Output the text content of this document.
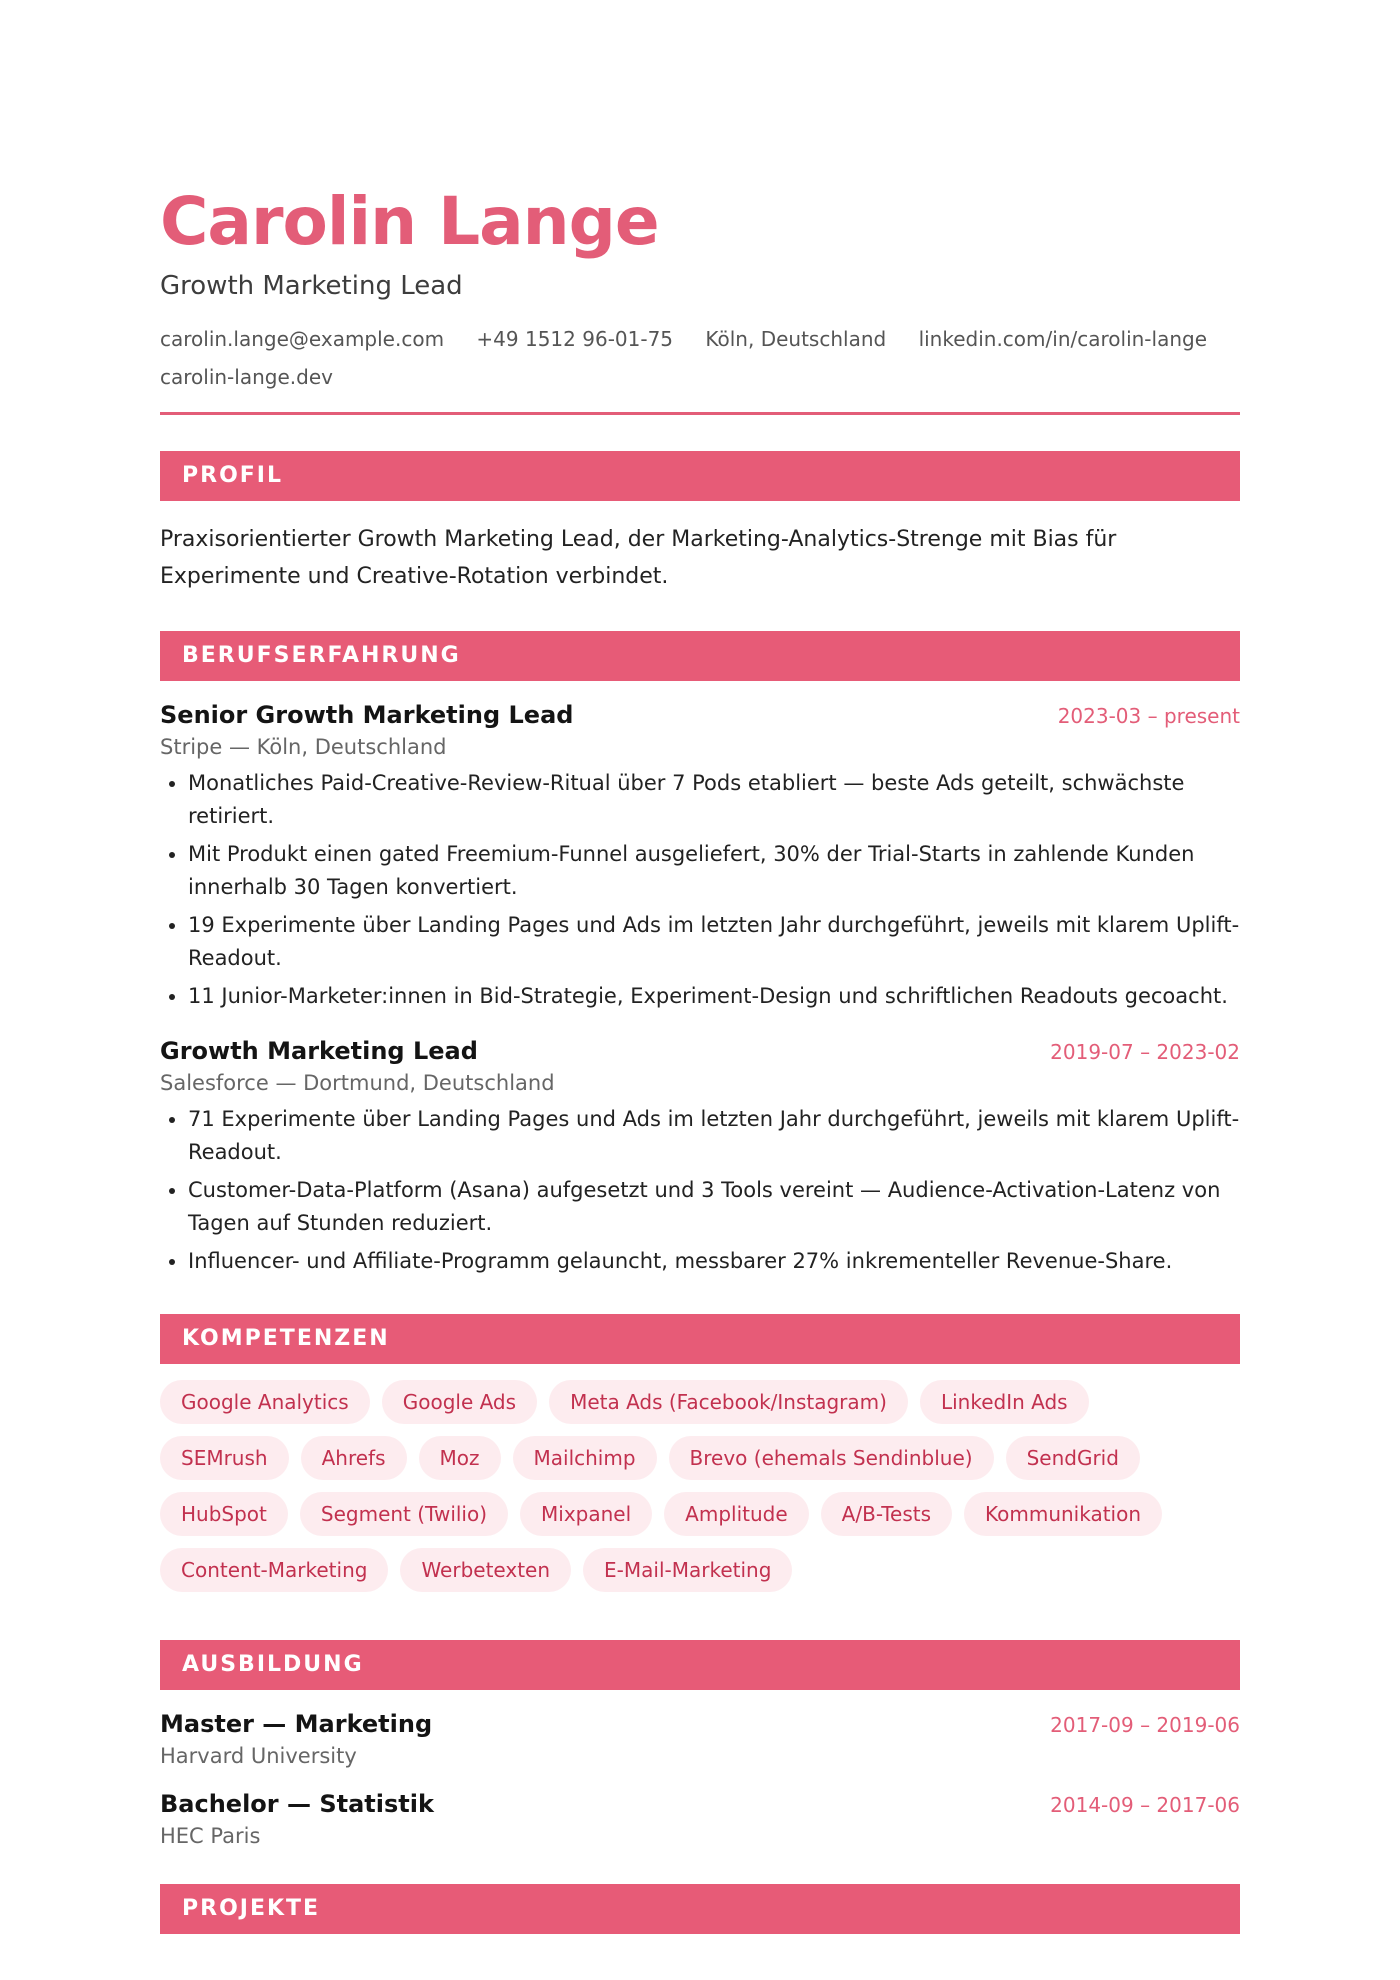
Carolin Lange
Growth Marketing Lead
carolin.lange@example.com +49 1512 96-01-75 Köln, Deutschland linkedin.com/in/carolin-lange carolin-lange.dev
PROFIL
Praxisorientierter Growth Marketing Lead, der Marketing-Analytics-Strenge mit Bias für Experimente und Creative-Rotation verbindet.
BERUFSERFAHRUNG
Senior Growth Marketing Lead	2023-03 – present
Stripe — Köln, Deutschland
• Monatliches Paid-Creative-Review-Ritual über 7 Pods etabliert — beste Ads geteilt, schwächste retiriert.
• Mit Produkt einen gated Freemium-Funnel ausgeliefert, 30% der Trial-Starts in zahlende Kunden innerhalb 30 Tagen konvertiert.
• 19 Experimente über Landing Pages und Ads im letzten Jahr durchgeführt, jeweils mit klarem Uplift-Readout.
• 11 Junior-Marketer:innen in Bid-Strategie, Experiment-Design und schriftlichen Readouts gecoacht.
Growth Marketing Lead	2019-07 – 2023-02
Salesforce — Dortmund, Deutschland
• 71 Experimente über Landing Pages und Ads im letzten Jahr durchgeführt, jeweils mit klarem Uplift-Readout.
• Customer-Data-Platform (Asana) aufgesetzt und 3 Tools vereint — Audience-Activation-Latenz von Tagen auf Stunden reduziert.
• Influencer- und Affiliate-Programm gelauncht, messbarer 27% inkrementeller Revenue-Share.
KOMPETENZEN
Google Analytics	Google Ads	Meta Ads (Facebook/Instagram)	LinkedIn Ads
SEMrush	Ahrefs	Moz	Mailchimp	Brevo (ehemals Sendinblue)	SendGrid
HubSpot	Segment (Twilio)	Mixpanel	Amplitude	A/B-Tests	Kommunikation
Content-Marketing	Werbetexten	E-Mail-Marketing
AUSBILDUNG
Master — Marketing	2017-09 – 2019-06
Harvard University
Bachelor — Statistik	2014-09 – 2017-06
HEC Paris
PROJEKTE
